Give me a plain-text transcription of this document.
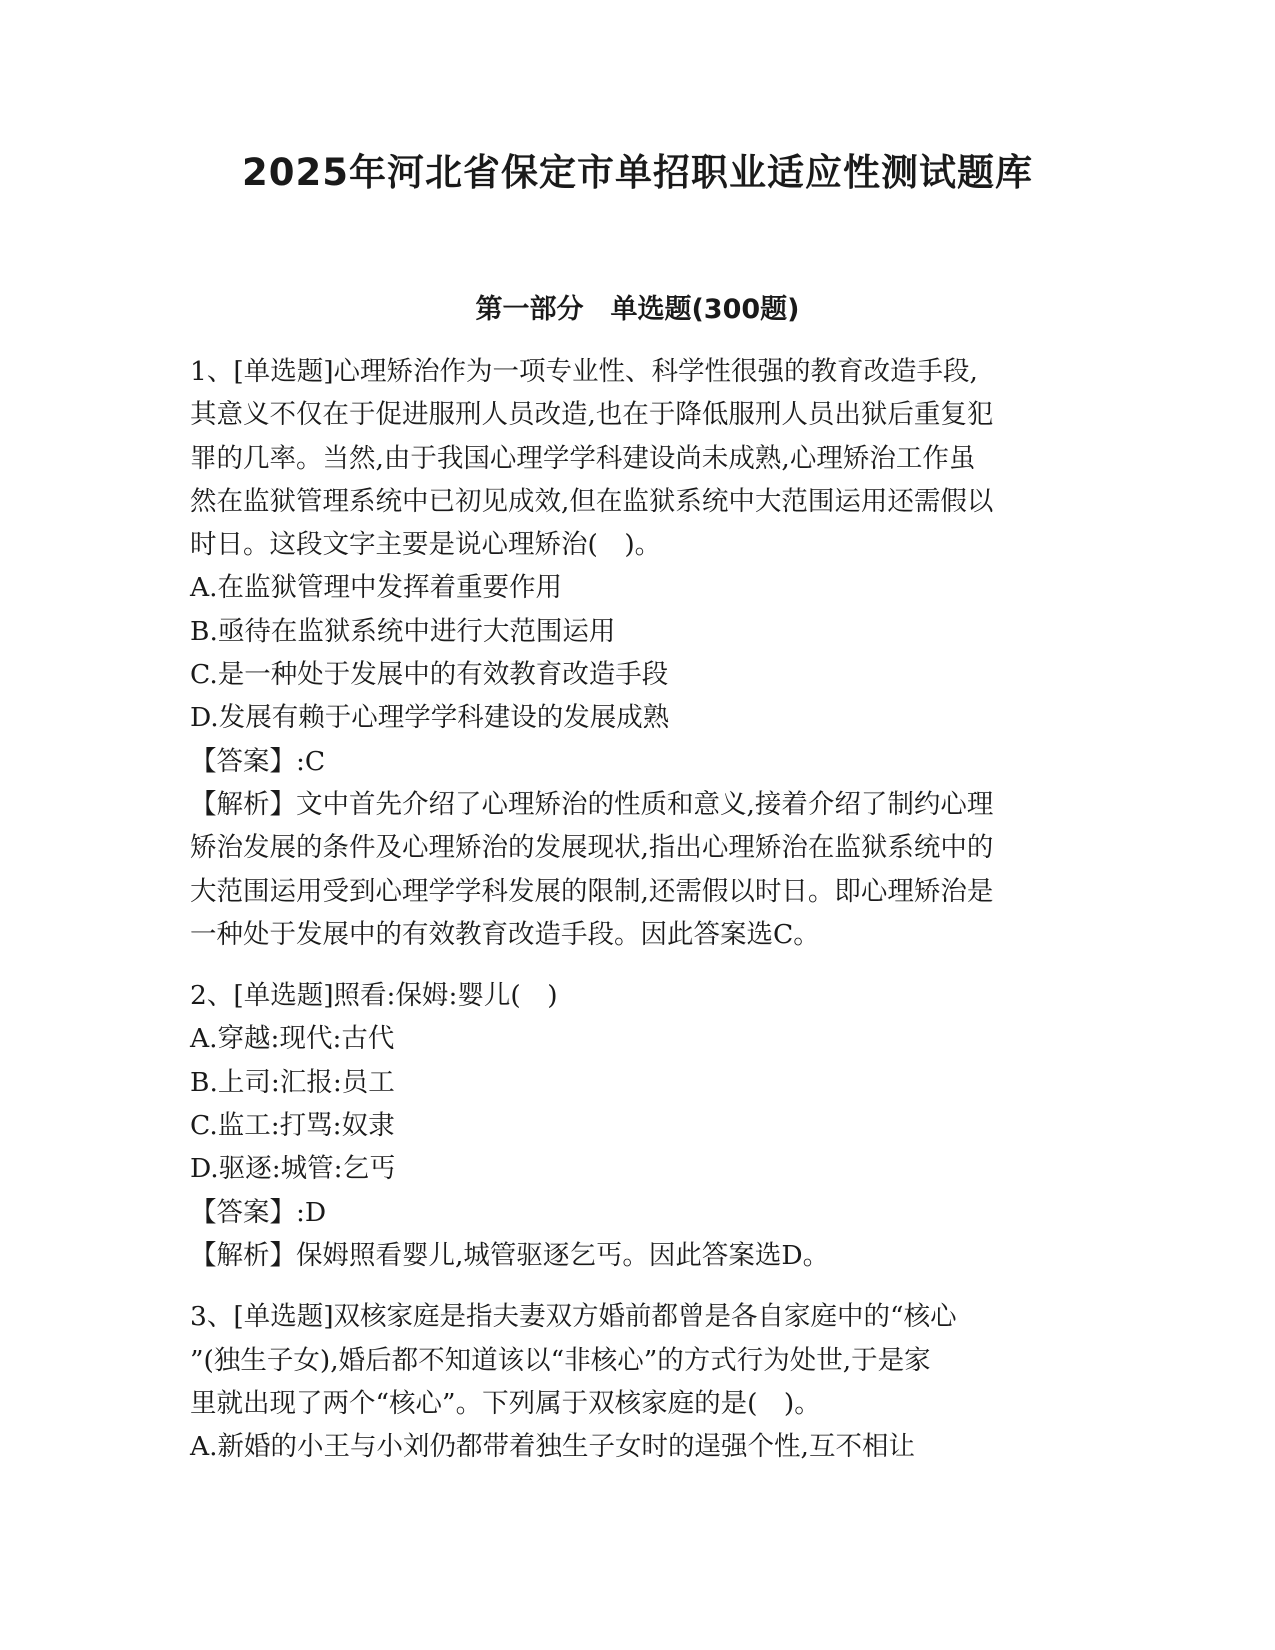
2025年河北省保定市单招职业适应性测试题库
第一部分　单选题(300题)

1、[单选题]心理矫治作为一项专业性、科学性很强的教育改造手段,

其意义不仅在于促进服刑人员改造,也在于降低服刑人员出狱后重复犯

罪的几率。当然,由于我国心理学学科建设尚未成熟,心理矫治工作虽

然在监狱管理系统中已初见成效,但在监狱系统中大范围运用还需假以

时日。这段文字主要是说心理矫治(　)。

A.在监狱管理中发挥着重要作用

B.亟待在监狱系统中进行大范围运用

C.是一种处于发展中的有效教育改造手段

D.发展有赖于心理学学科建设的发展成熟

【答案】:C

【解析】文中首先介绍了心理矫治的性质和意义,接着介绍了制约心理

矫治发展的条件及心理矫治的发展现状,指出心理矫治在监狱系统中的

大范围运用受到心理学学科发展的限制,还需假以时日。即心理矫治是

一种处于发展中的有效教育改造手段。因此答案选C。

2、[单选题]照看:保姆:婴儿(　)

A.穿越:现代:古代

B.上司:汇报:员工

C.监工:打骂:奴隶

D.驱逐:城管:乞丐

【答案】:D

【解析】保姆照看婴儿,城管驱逐乞丐。因此答案选D。

3、[单选题]双核家庭是指夫妻双方婚前都曾是各自家庭中的“核心

”(独生子女),婚后都不知道该以“非核心”的方式行为处世,于是家

里就出现了两个“核心”。下列属于双核家庭的是(　)。

A.新婚的小王与小刘仍都带着独生子女时的逞强个性,互不相让
